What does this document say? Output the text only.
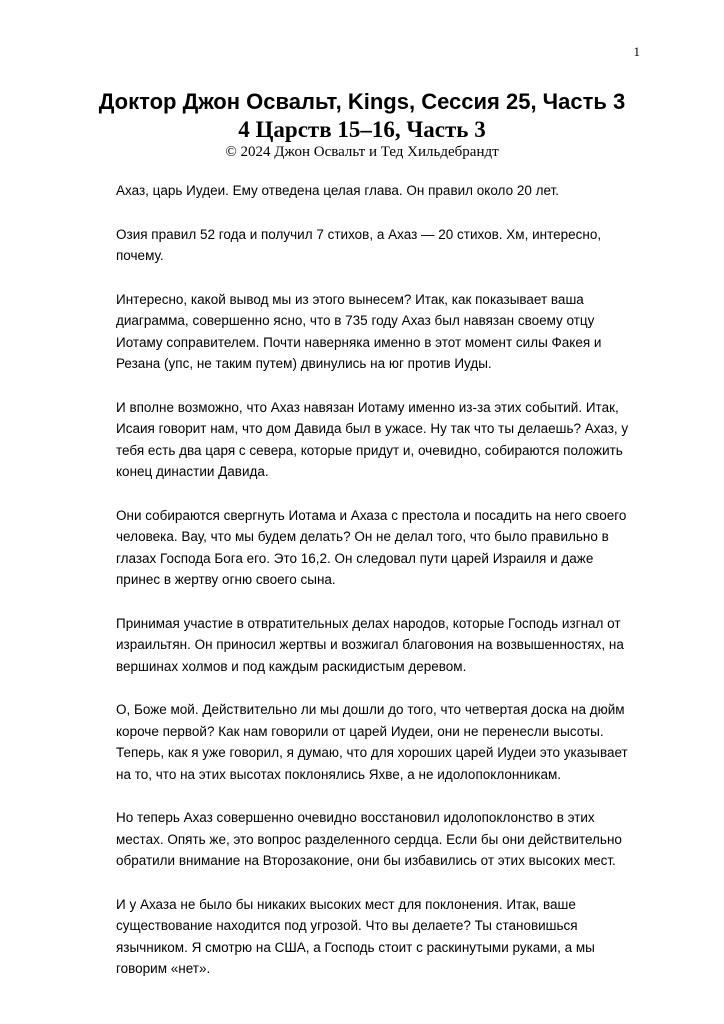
1

Доктор Джон Освальт, Kings, Сессия 25, Часть 3

4 Царств 15–16, Часть 3

© 2024 Джон Освальт и Тед Хильдебрандт

Ахаз, царь Иудеи. Ему отведена целая глава. Он правил около 20 лет.

Озия правил 52 года и получил 7 стихов, а Ахаз — 20 стихов. Хм, интересно, почему.

Интересно, какой вывод мы из этого вынесем? Итак, как показывает ваша диаграмма, совершенно ясно, что в 735 году Ахаз был навязан своему отцу Иотаму соправителем. Почти наверняка именно в этот момент силы Факея и Резана (упс, не таким путем) двинулись на юг против Иуды.

И вполне возможно, что Ахаз навязан Иотаму именно из-за этих событий. Итак, Исаия говорит нам, что дом Давида был в ужасе. Ну так что ты делаешь? Ахаз, у тебя есть два царя с севера, которые придут и, очевидно, собираются положить конец династии Давида.

Они собираются свергнуть Иотама и Ахаза с престола и посадить на него своего человека. Вау, что мы будем делать? Он не делал того, что было правильно в глазах Господа Бога его. Это 16,2. Он следовал пути царей Израиля и даже принес в жертву огню своего сына.

Принимая участие в отвратительных делах народов, которые Господь изгнал от израильтян. Он приносил жертвы и возжигал благовония на возвышенностях, на вершинах холмов и под каждым раскидистым деревом.

О, Боже мой. Действительно ли мы дошли до того, что четвертая доска на дюйм короче первой? Как нам говорили от царей Иудеи, они не перенесли высоты. Теперь, как я уже говорил, я думаю, что для хороших царей Иудеи это указывает на то, что на этих высотах поклонялись Яхве, а не идолопоклонникам.

Но теперь Ахаз совершенно очевидно восстановил идолопоклонство в этих местах. Опять же, это вопрос разделенного сердца. Если бы они действительно обратили внимание на Второзаконие, они бы избавились от этих высоких мест.

И у Ахаза не было бы никаких высоких мест для поклонения. Итак, ваше существование находится под угрозой. Что вы делаете? Ты становишься язычником. Я смотрю на США, а Господь стоит с раскинутыми руками, а мы говорим «нет».
